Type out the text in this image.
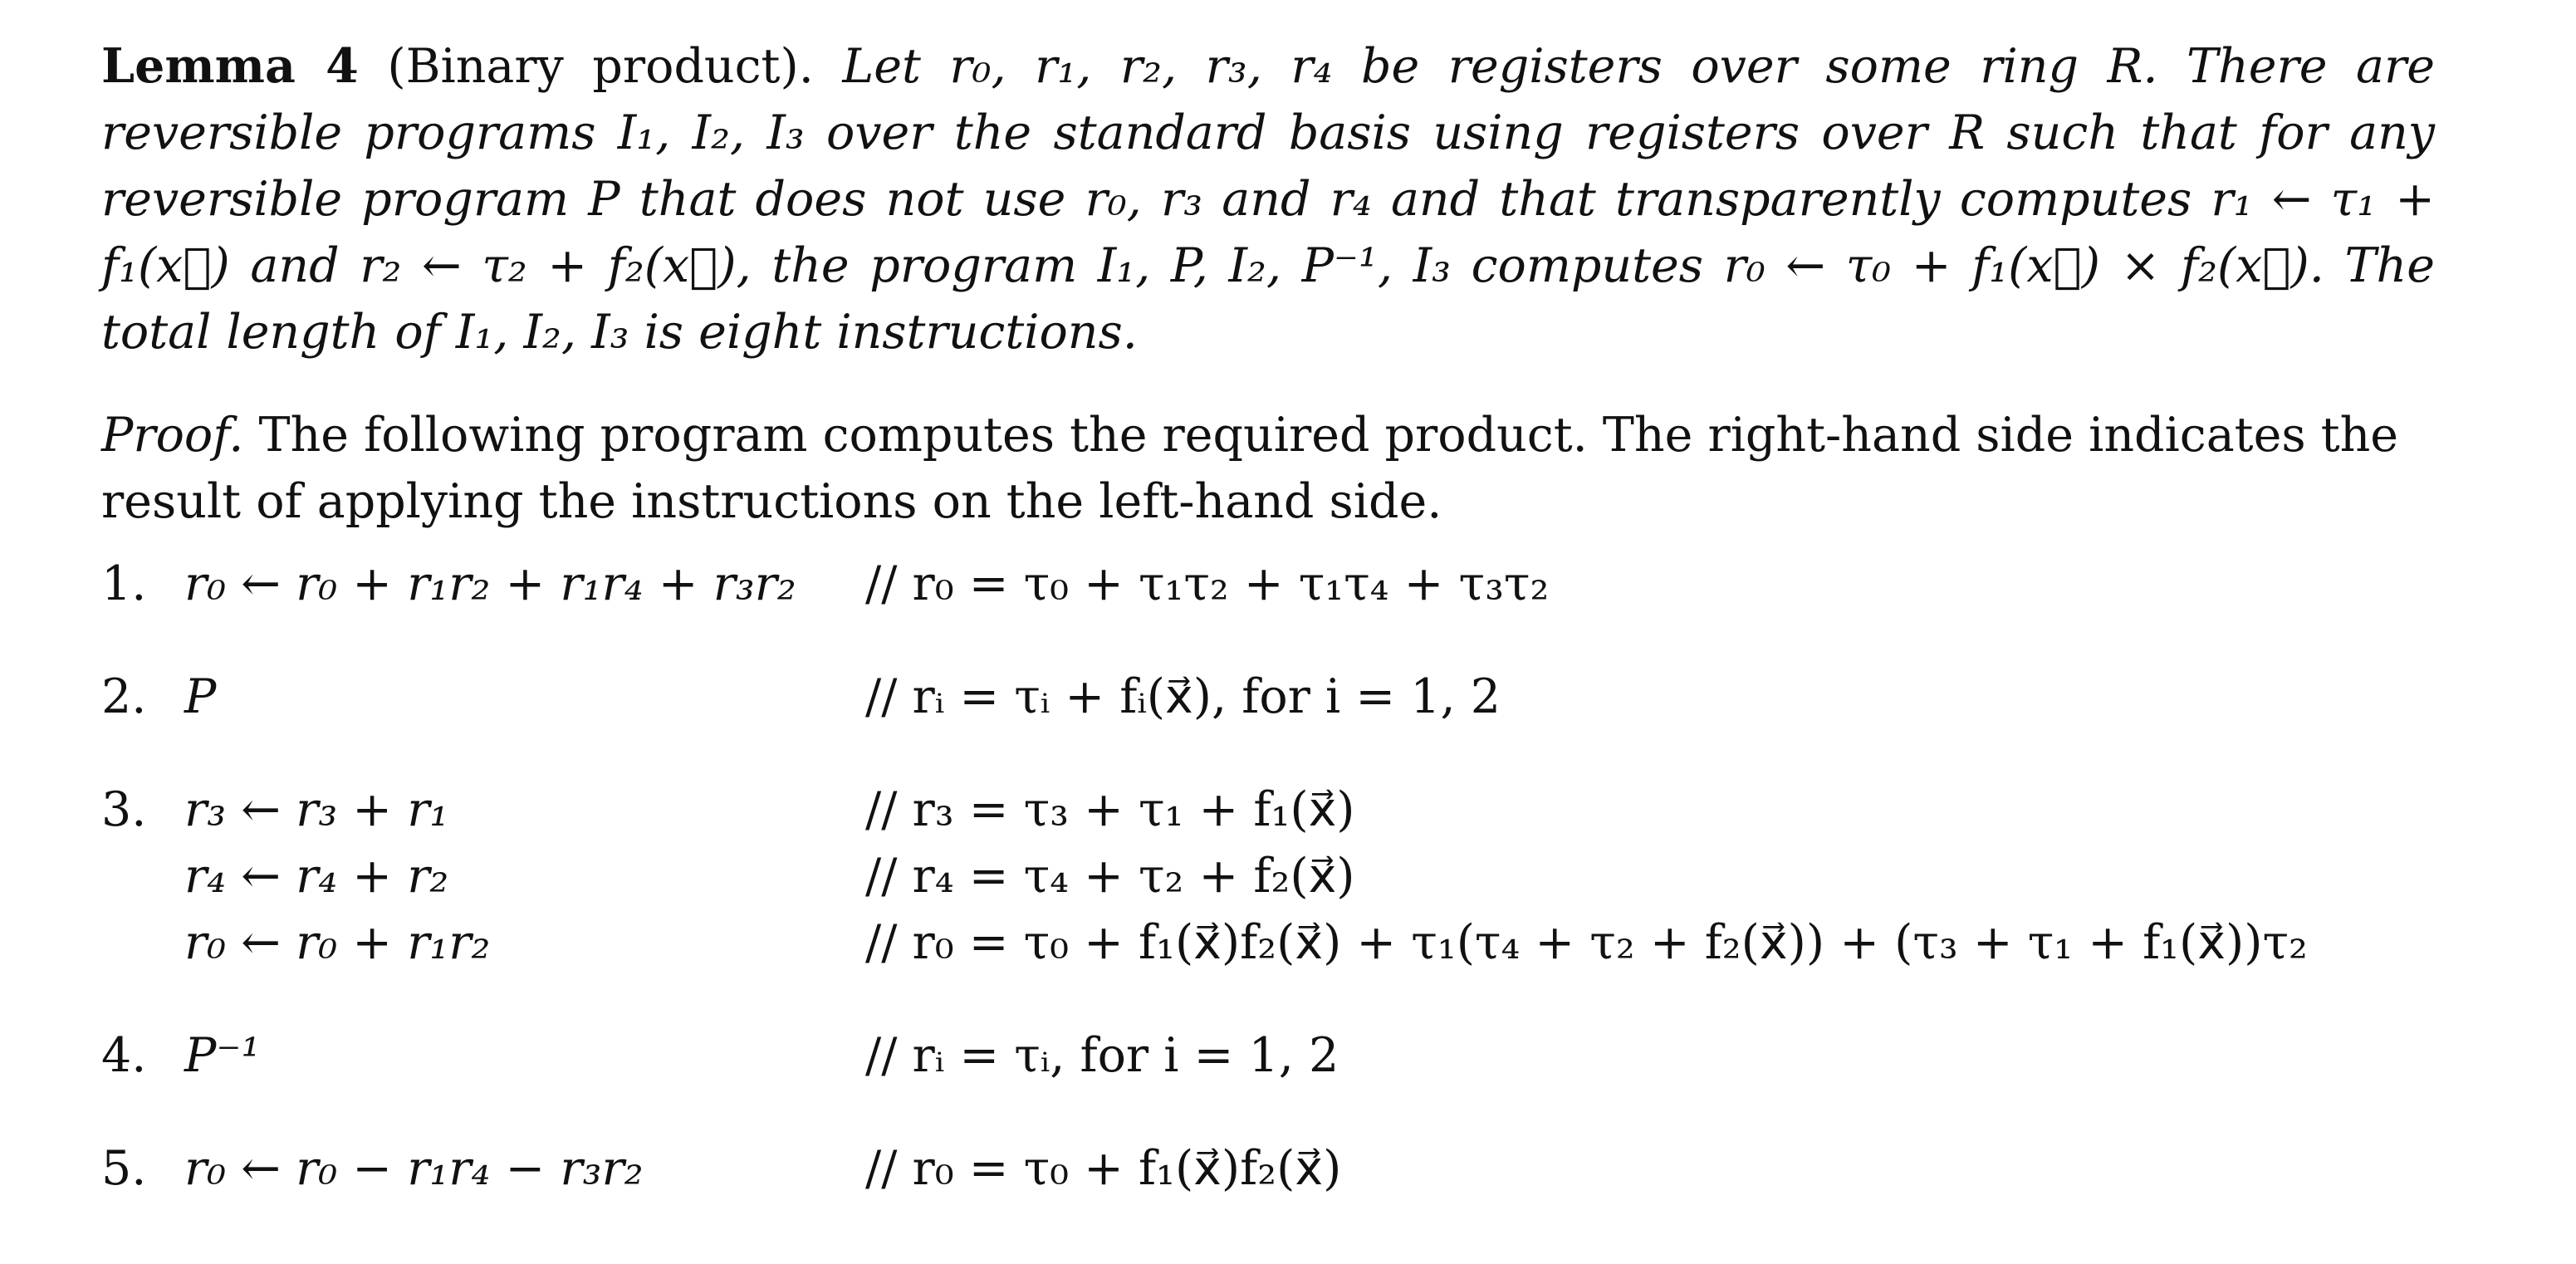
Lemma 4 (Binary product). Let r₀, r₁, r₂, r₃, r₄ be registers over some ring R. There are reversible programs I₁, I₂, I₃ over the standard basis using registers over R such that for any reversible program P that does not use r₀, r₃ and r₄ and that transparently computes r₁ ← τ₁ + f₁(x⃗) and r₂ ← τ₂ + f₂(x⃗), the program I₁, P, I₂, P⁻¹, I₃ computes r₀ ← τ₀ + f₁(x⃗) × f₂(x⃗). The total length of I₁, I₂, I₃ is eight instructions.

Proof. The following program computes the required product. The right-hand side indicates the result of applying the instructions on the left-hand side.

1. r₀ ← r₀ + r₁r₂ + r₁r₄ + r₃r₂ // r₀ = τ₀ + τ₁τ₂ + τ₁τ₄ + τ₃τ₂
2. P	// rᵢ = τᵢ + fᵢ(x⃗), for i = 1, 2
3. r₃ ← r₃ + r₁	// r₃ = τ₃ + τ₁ + f₁(x⃗)
r₄ ← r₄ + r₂	// r₄ = τ₄ + τ₂ + f₂(x⃗)
r₀ ← r₀ + r₁r₂	// r₀ = τ₀ + f₁(x⃗)f₂(x⃗) + τ₁(τ₄ + τ₂ + f₂(x⃗)) + (τ₃ + τ₁ + f₁(x⃗))τ₂
4. P⁻¹	// rᵢ = τᵢ, for i = 1, 2
5. r₀ ← r₀ − r₁r₄ − r₃r₂	// r₀ = τ₀ + f₁(x⃗)f₂(x⃗)
